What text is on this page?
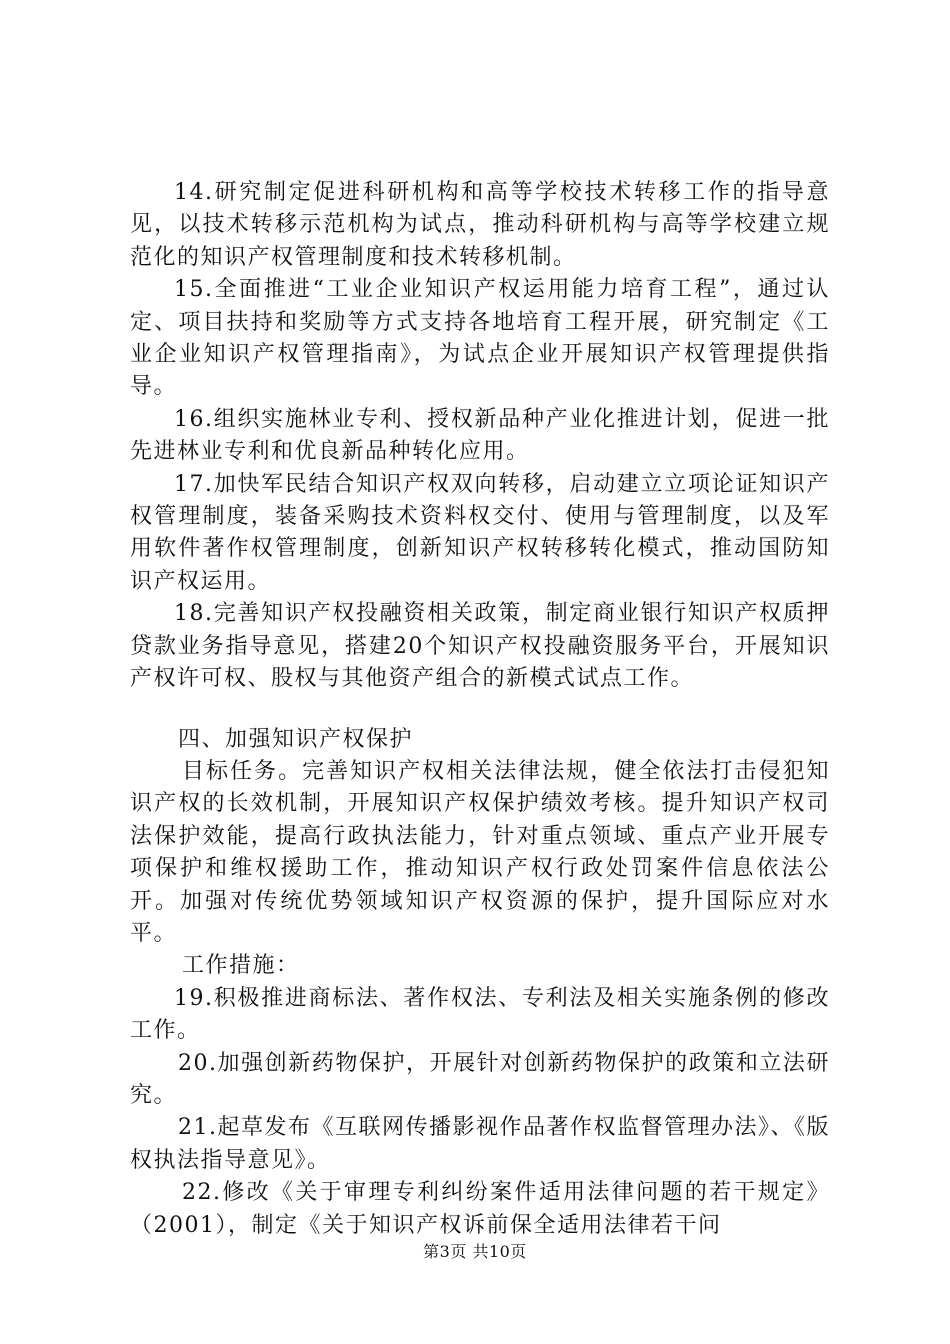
14.研究制定促进科研机构和高等学校技术转移工作的指导意见，以技术转移示范机构为试点，推动科研机构与高等学校建立规范化的知识产权管理制度和技术转移机制。

15.全面推进“工业企业知识产权运用能力培育工程”，通过认定、项目扶持和奖励等方式支持各地培育工程开展，研究制定《工业企业知识产权管理指南》，为试点企业开展知识产权管理提供指导。

16.组织实施林业专利、授权新品种产业化推进计划，促进一批先进林业专利和优良新品种转化应用。

17.加快军民结合知识产权双向转移，启动建立立项论证知识产权管理制度，装备采购技术资料权交付、使用与管理制度，以及军用软件著作权管理制度，创新知识产权转移转化模式，推动国防知识产权运用。

18.完善知识产权投融资相关政策，制定商业银行知识产权质押贷款业务指导意见，搭建20个知识产权投融资服务平台，开展知识产权许可权、股权与其他资产组合的新模式试点工作。

四、加强知识产权保护

目标任务。完善知识产权相关法律法规，健全依法打击侵犯知识产权的长效机制，开展知识产权保护绩效考核。提升知识产权司法保护效能，提高行政执法能力，针对重点领域、重点产业开展专项保护和维权援助工作，推动知识产权行政处罚案件信息依法公开。加强对传统优势领域知识产权资源的保护，提升国际应对水平。

工作措施：

19.积极推进商标法、著作权法、专利法及相关实施条例的修改工作。

20.加强创新药物保护，开展针对创新药物保护的政策和立法研究。

21.起草发布《互联网传播影视作品著作权监督管理办法》、《版权执法指导意见》。

22.修改《关于审理专利纠纷案件适用法律问题的若干规定》（2001），制定《关于知识产权诉前保全适用法律若干问

第3页 共10页
